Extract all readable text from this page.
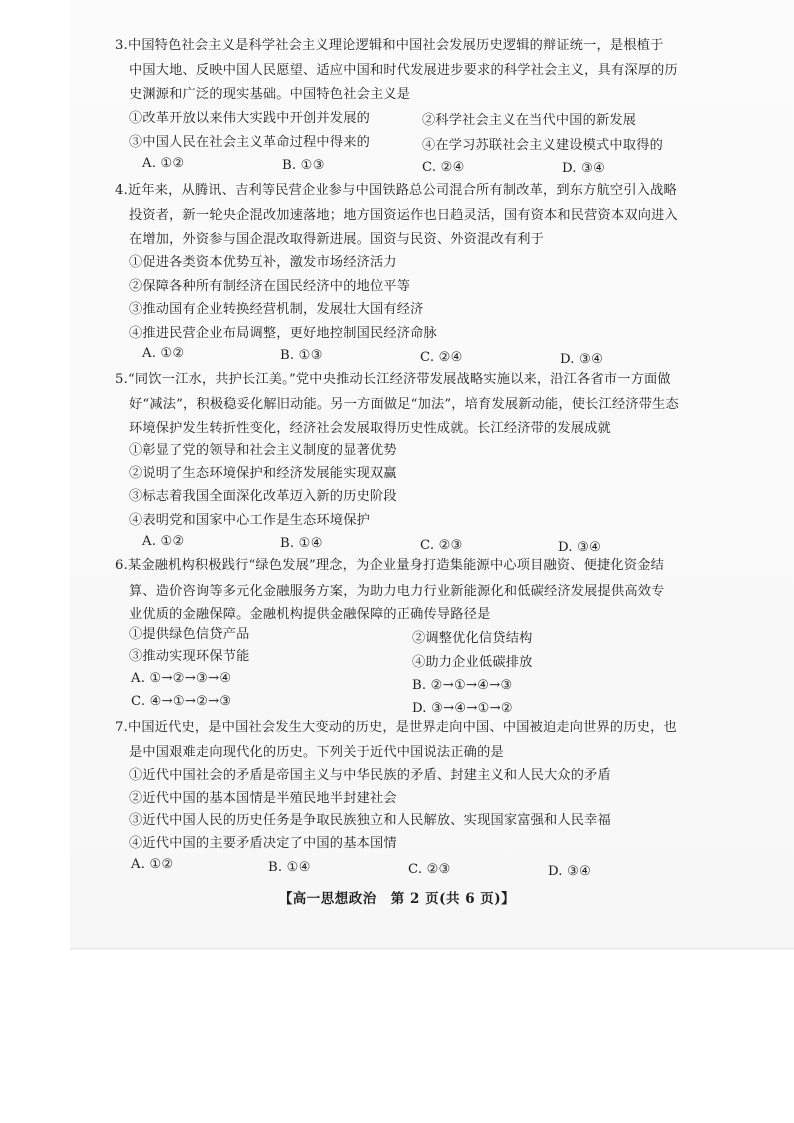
3.中国特色社会主义是科学社会主义理论逻辑和中国社会发展历史逻辑的辩证统一，是根植于
中国大地、反映中国人民愿望、适应中国和时代发展进步要求的科学社会主义，具有深厚的历
史渊源和广泛的现实基础。中国特色社会主义是
①改革开放以来伟大实践中开创并发展的	②科学社会主义在当代中国的新发展
③中国人民在社会主义革命过程中得来的	④在学习苏联社会主义建设模式中取得的
A. ①②	B. ①③	C. ②④	D. ③④
4.近年来，从腾讯、吉利等民营企业参与中国铁路总公司混合所有制改革，到东方航空引入战略
投资者，新一轮央企混改加速落地；地方国资运作也日趋灵活，国有资本和民营资本双向进入
在增加，外资参与国企混改取得新进展。国资与民资、外资混改有利于
①促进各类资本优势互补，激发市场经济活力
②保障各种所有制经济在国民经济中的地位平等
③推动国有企业转换经营机制，发展壮大国有经济
④推进民营企业布局调整，更好地控制国民经济命脉
A. ①②	B. ①③	C. ②④	D. ③④
5.“同饮一江水，共护长江美。”党中央推动长江经济带发展战略实施以来，沿江各省市一方面做
好“减法”，积极稳妥化解旧动能。另一方面做足“加法”，培育发展新动能，使长江经济带生态
环境保护发生转折性变化，经济社会发展取得历史性成就。长江经济带的发展成就
①彰显了党的领导和社会主义制度的显著优势
②说明了生态环境保护和经济发展能实现双赢
③标志着我国全面深化改革迈入新的历史阶段
④表明党和国家中心工作是生态环境保护
A. ①②	B. ①④	C. ②③	D. ③④
6.某金融机构积极践行“绿色发展”理念，为企业量身打造集能源中心项目融资、便捷化资金结
算、造价咨询等多元化金融服务方案，为助力电力行业新能源化和低碳经济发展提供高效专
业优质的金融保障。金融机构提供金融保障的正确传导路径是
①提供绿色信贷产品	②调整优化信贷结构
③推动实现环保节能	④助力企业低碳排放
A. ①→②→③→④	B. ②→①→④→③
C. ④→①→②→③	D. ③→④→①→②
7.中国近代史，是中国社会发生大变动的历史，是世界走向中国、中国被迫走向世界的历史，也
是中国艰难走向现代化的历史。下列关于近代中国说法正确的是
①近代中国社会的矛盾是帝国主义与中华民族的矛盾、封建主义和人民大众的矛盾
②近代中国的基本国情是半殖民地半封建社会
③近代中国人民的历史任务是争取民族独立和人民解放、实现国家富强和人民幸福
④近代中国的主要矛盾决定了中国的基本国情
A. ①②	B. ①④	C. ②③	D. ③④
【高一思想政治　第 2 页(共 6 页)】
